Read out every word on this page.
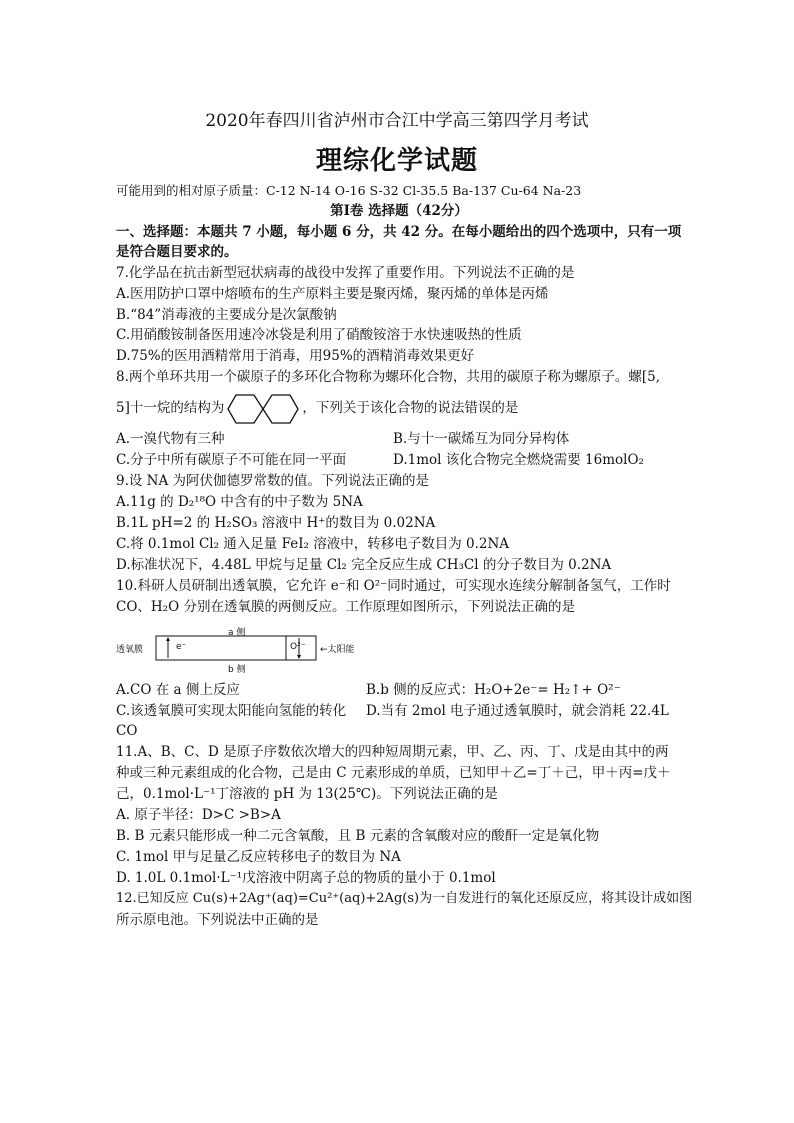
2020年春四川省泸州市合江中学高三第四学月考试
理综化学试题
可能用到的相对原子质量：C-12 N-14 O-16 S-32 Cl-35.5 Ba-137 Cu-64 Na-23
第Ⅰ卷 选择题（42分）
一、选择题：本题共 7 小题，每小题 6 分，共 42 分。在每小题给出的四个选项中，只有一项
是符合题目要求的。
7.化学品在抗击新型冠状病毒的战役中发挥了重要作用。下列说法不正确的是
A.医用防护口罩中熔喷布的生产原料主要是聚丙烯，聚丙烯的单体是丙烯
B.“84”消毒液的主要成分是次氯酸钠
C.用硝酸铵制备医用速冷冰袋是利用了硝酸铵溶于水快速吸热的性质
D.75%的医用酒精常用于消毒，用95%的酒精消毒效果更好
8.两个单环共用一个碳原子的多环化合物称为螺环化合物，共用的碳原子称为螺原子。螺[5,
5]十一烷的结构为	，下列关于该化合物的说法错误的是
A.一溴代物有三种	B.与十一碳烯互为同分异构体
C.分子中所有碳原子不可能在同一平面	D.1mol 该化合物完全燃烧需要 16molO₂
9.设 NA 为阿伏伽德罗常数的值。下列说法正确的是
A.11g 的 D₂¹⁸O 中含有的中子数为 5NA
B.1L pH=2 的 H₂SO₃ 溶液中 H⁺的数目为 0.02NA
C.将 0.1mol Cl₂ 通入足量 FeI₂ 溶液中，转移电子数目为 0.2NA
D.标准状况下，4.48L 甲烷与足量 Cl₂ 完全反应生成 CH₃Cl 的分子数目为 0.2NA
10.科研人员研制出透氧膜，它允许 e⁻和 O²⁻同时通过，可实现水连续分解制备氢气，工作时
CO、H₂O 分别在透氧膜的两侧反应。工作原理如图所示，下列说法正确的是
a 侧
b 侧
透氧膜	e⁻	O²⁻ ←太阳能
A.CO 在 a 侧上反应	B.b 侧的反应式：H₂O+2e⁻= H₂↑+ O²⁻
C.该透氧膜可实现太阳能向氢能的转化	D.当有 2mol 电子通过透氧膜时，就会消耗 22.4L
CO
11.A、B、C、D 是原子序数依次增大的四种短周期元素，甲、乙、丙、丁、戊是由其中的两
种或三种元素组成的化合物，己是由 C 元素形成的单质，已知甲＋乙=丁＋己，甲＋丙=戊＋
己，0.1mol·L⁻¹丁溶液的 pH 为 13(25℃)。下列说法正确的是
A. 原子半径：D>C >B>A
B. B 元素只能形成一种二元含氧酸，且 B 元素的含氧酸对应的酸酐一定是氧化物
C. 1mol 甲与足量乙反应转移电子的数目为 NA
D. 1.0L 0.1mol·L⁻¹戊溶液中阴离子总的物质的量小于 0.1mol
12.已知反应 Cu(s)+2Ag⁺(aq)=Cu²⁺(aq)+2Ag(s)为一自发进行的氧化还原反应，将其设计成如图
所示原电池。下列说法中正确的是
